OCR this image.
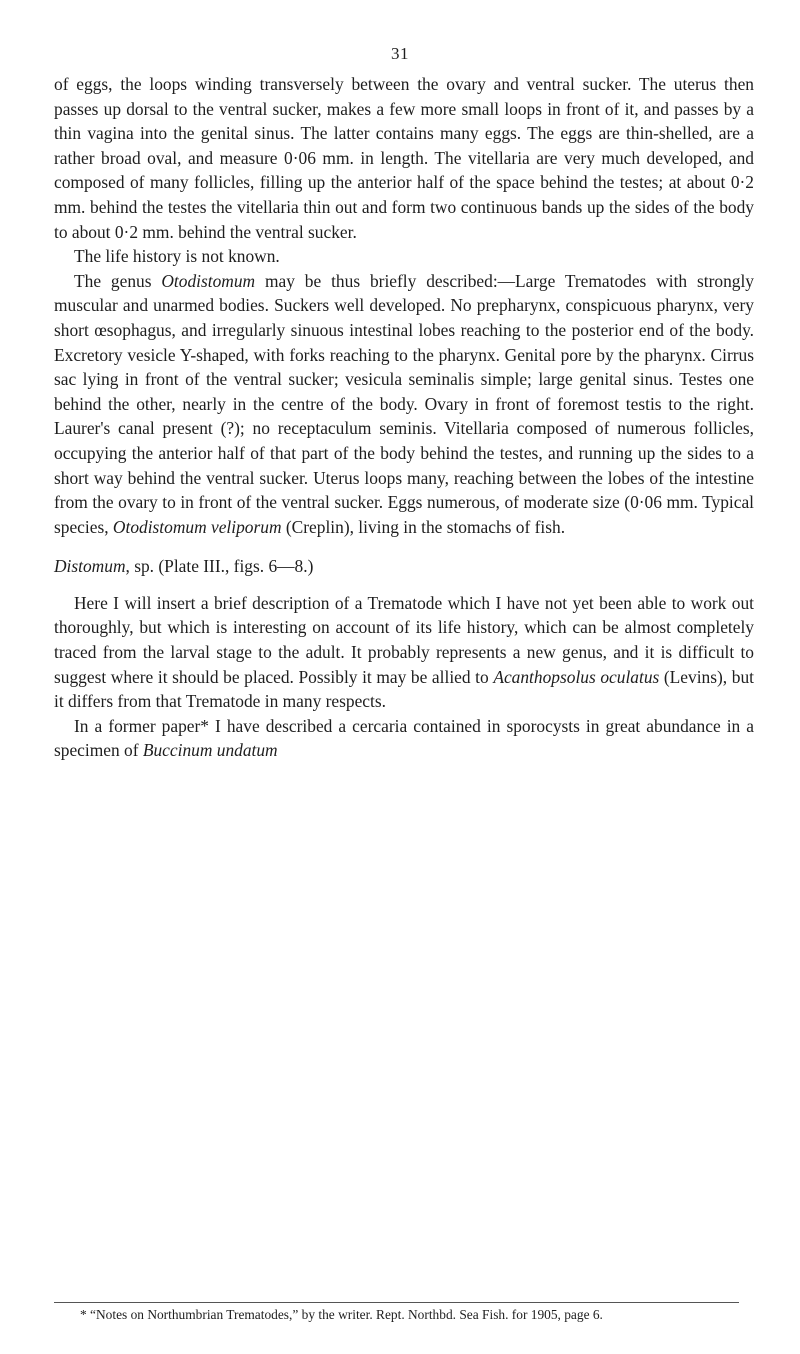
31

of eggs, the loops winding transversely between the ovary and ventral sucker. The uterus then passes up dorsal to the ventral sucker, makes a few more small loops in front of it, and passes by a thin vagina into the genital sinus. The latter contains many eggs. The eggs are thin-shelled, are a rather broad oval, and measure 0·06 mm. in length. The vitellaria are very much developed, and composed of many follicles, filling up the anterior half of the space behind the testes; at about 0·2 mm. behind the testes the vitellaria thin out and form two continuous bands up the sides of the body to about 0·2 mm. behind the ventral sucker.

The life history is not known.

The genus Otodistomum may be thus briefly described:—Large Trematodes with strongly muscular and unarmed bodies. Suckers well developed. No prepharynx, conspicuous pharynx, very short œsophagus, and irregularly sinuous intestinal lobes reaching to the posterior end of the body. Excretory vesicle Y-shaped, with forks reaching to the pharynx. Genital pore by the pharynx. Cirrus sac lying in front of the ventral sucker; vesicula seminalis simple; large genital sinus. Testes one behind the other, nearly in the centre of the body. Ovary in front of foremost testis to the right. Laurer's canal present (?); no receptaculum seminis. Vitellaria composed of numerous follicles, occupying the anterior half of that part of the body behind the testes, and running up the sides to a short way behind the ventral sucker. Uterus loops many, reaching between the lobes of the intestine from the ovary to in front of the ventral sucker. Eggs numerous, of moderate size (0·06 mm. Typical species, Otodistomum veliporum (Creplin), living in the stomachs of fish.

Distomum, sp. (Plate III., figs. 6—8.)

Here I will insert a brief description of a Trematode which I have not yet been able to work out thoroughly, but which is interesting on account of its life history, which can be almost completely traced from the larval stage to the adult. It probably represents a new genus, and it is difficult to suggest where it should be placed. Possibly it may be allied to Acanthopsolus oculatus (Levins), but it differs from that Trematode in many respects.

In a former paper* I have described a cercaria contained in sporocysts in great abundance in a specimen of Buccinum undatum

* “Notes on Northumbrian Trematodes,” by the writer. Rept. Northbd. Sea Fish. for 1905, page 6.
